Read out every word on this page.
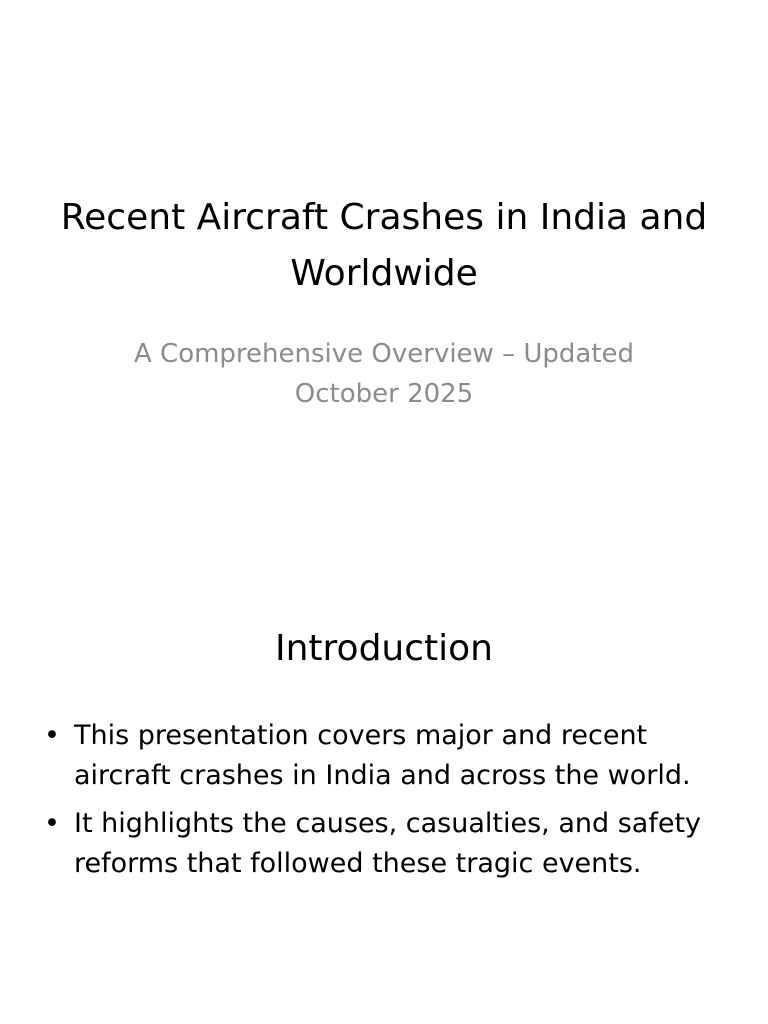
Recent Aircraft Crashes in India and Worldwide

A Comprehensive Overview – Updated October 2025

Introduction
• This presentation covers major and recent aircraft crashes in India and across the world.
• It highlights the causes, casualties, and safety reforms that followed these tragic events.
